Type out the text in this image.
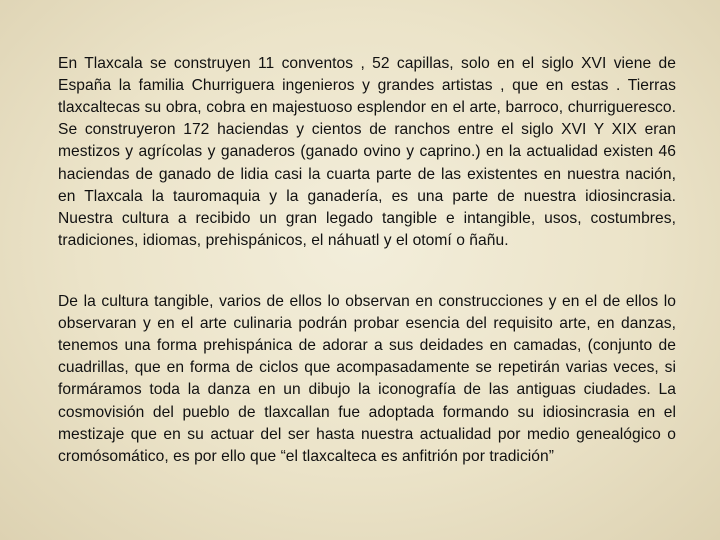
En Tlaxcala se construyen 11 conventos , 52 capillas, solo en el siglo XVI viene de España la familia Churriguera ingenieros y grandes artistas , que en estas . Tierras tlaxcaltecas su obra, cobra en majestuoso esplendor en el arte, barroco, churrigueresco. Se construyeron 172 haciendas y cientos de ranchos entre el siglo XVI Y XIX eran mestizos y agrícolas y ganaderos (ganado ovino y caprino.) en la actualidad existen 46 haciendas de ganado de lidia casi la cuarta parte de las existentes en nuestra nación, en Tlaxcala la tauromaquia y la ganadería, es una parte de nuestra idiosincrasia. Nuestra cultura a recibido un gran legado tangible e intangible, usos, costumbres, tradiciones, idiomas, prehispánicos, el náhuatl y el otomí o ñañu.

De la cultura tangible, varios de ellos lo observan en construcciones y en el de ellos lo observaran y en el arte culinaria podrán probar esencia del requisito arte, en danzas, tenemos una forma prehispánica de adorar a sus deidades en camadas, (conjunto de cuadrillas, que en forma de ciclos que acompasadamente se repetirán varias veces, si formáramos toda la danza en un dibujo la iconografía de las antiguas ciudades. La cosmovisión del pueblo de tlaxcallan fue adoptada formando su idiosincrasia en el mestizaje que en su actuar del ser hasta nuestra actualidad por medio genealógico o cromósomático, es por ello que “el tlaxcalteca es anfitrión por tradición”
